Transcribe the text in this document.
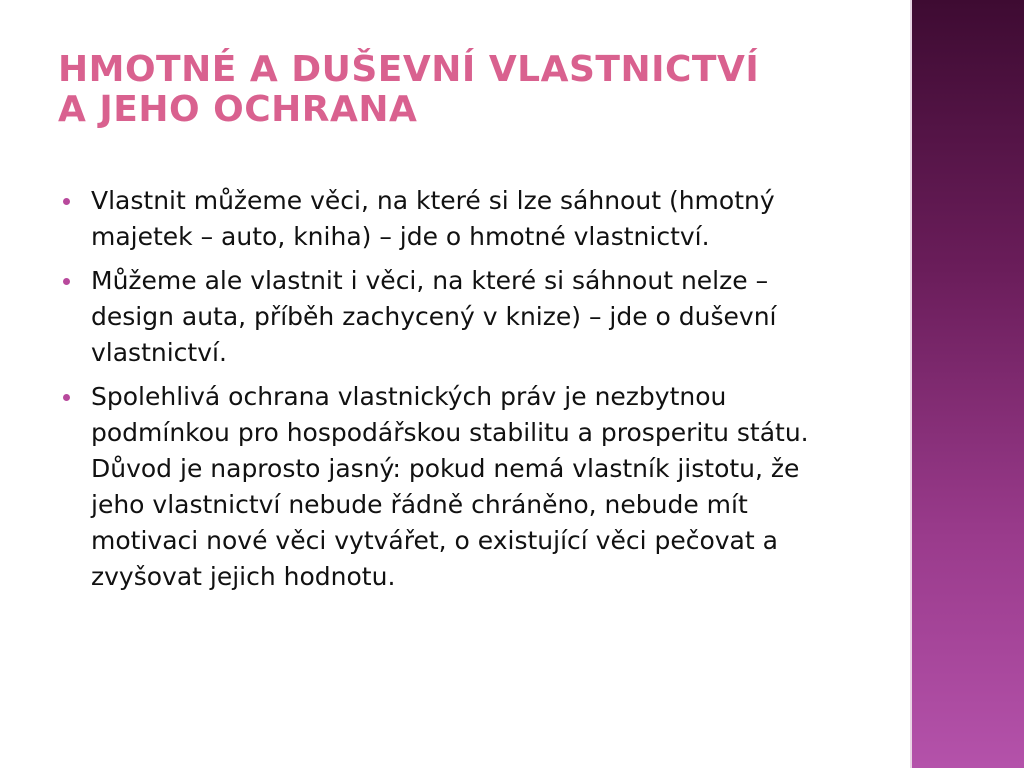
HMOTNÉ A DUŠEVNÍ VLASTNICTVÍ
A JEHO OCHRANA
Vlastnit můžeme věci, na které si lze sáhnout (hmotný majetek – auto, kniha) – jde o hmotné vlastnictví.
Můžeme ale vlastnit i věci, na které si sáhnout nelze – design auta, příběh zachycený v knize) – jde o duševní vlastnictví.
Spolehlivá ochrana vlastnických práv je nezbytnou podmínkou pro hospodářskou stabilitu a prosperitu státu. Důvod je naprosto jasný: pokud nemá vlastník jistotu, že jeho vlastnictví nebude řádně chráněno, nebude mít motivaci nové věci vytvářet, o existující věci pečovat a zvyšovat jejich hodnotu.
